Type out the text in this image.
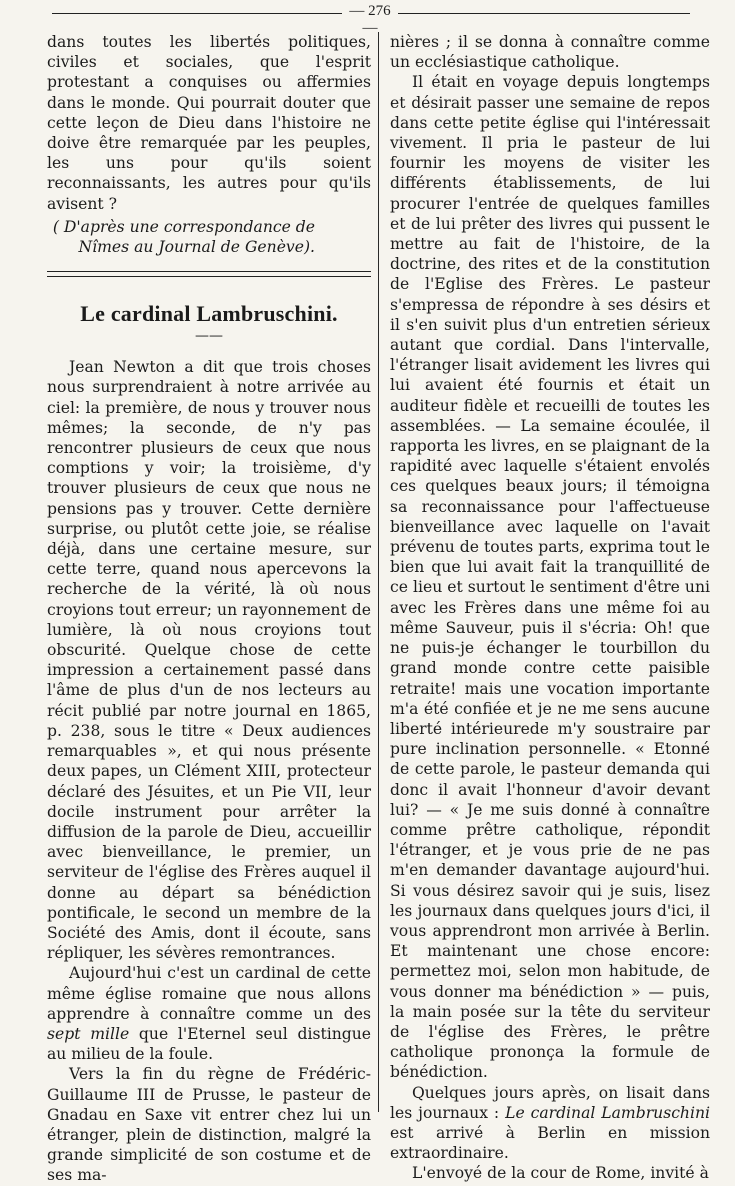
— 276 —

dans toutes les libertés politiques, civiles et sociales, que l'esprit protestant a conquises ou affermies dans le monde. Qui pourrait douter que cette leçon de Dieu dans l'histoire ne doive être remarquée par les peuples, les uns pour qu'ils soient reconnaissants, les autres pour qu'ils avisent ?

( D'après une correspondance de Nîmes au Journal de Genève).

Le cardinal Lambruschini.
——

Jean Newton a dit que trois choses nous surprendraient à notre arrivée au ciel: la première, de nous y trouver nous mêmes; la seconde, de n'y pas rencontrer plusieurs de ceux que nous comptions y voir; la troisième, d'y trouver plusieurs de ceux que nous ne pensions pas y trouver. Cette dernière surprise, ou plutôt cette joie, se réalise déjà, dans une certaine mesure, sur cette terre, quand nous apercevons la recherche de la vérité, là où nous croyions tout erreur; un rayonnement de lumière, là où nous croyions tout obscurité. Quelque chose de cette impression a certainement passé dans l'âme de plus d'un de nos lecteurs au récit publié par notre journal en 1865, p. 238, sous le titre « Deux audiences remarquables », et qui nous présente deux papes, un Clément XIII, protecteur déclaré des Jésuites, et un Pie VII, leur docile instrument pour arrêter la diffusion de la parole de Dieu, accueillir avec bienveillance, le premier, un serviteur de l'église des Frères auquel il donne au départ sa bénédiction pontificale, le second un membre de la Société des Amis, dont il écoute, sans répliquer, les sévères remontrances.

Aujourd'hui c'est un cardinal de cette même église romaine que nous allons apprendre à connaître comme un des sept mille que l'Eternel seul distingue au milieu de la foule.

Vers la fin du règne de Frédéric-Guillaume III de Prusse, le pasteur de Gnadau en Saxe vit entrer chez lui un étranger, plein de distinction, malgré la grande simplicité de son costume et de ses ma-

nières ; il se donna à connaître comme un ecclésiastique catholique.

Il était en voyage depuis longtemps et désirait passer une semaine de repos dans cette petite église qui l'intéressait vivement. Il pria le pasteur de lui fournir les moyens de visiter les différents établissements, de lui procurer l'entrée de quelques familles et de lui prêter des livres qui pussent le mettre au fait de l'histoire, de la doctrine, des rites et de la constitution de l'Eglise des Frères. Le pasteur s'empressa de répondre à ses désirs et il s'en suivit plus d'un entretien sérieux autant que cordial. Dans l'intervalle, l'étranger lisait avidement les livres qui lui avaient été fournis et était un auditeur fidèle et recueilli de toutes les assemblées. — La semaine écoulée, il rapporta les livres, en se plaignant de la rapidité avec laquelle s'étaient envolés ces quelques beaux jours; il témoigna sa reconnaissance pour l'affectueuse bienveillance avec laquelle on l'avait prévenu de toutes parts, exprima tout le bien que lui avait fait la tranquillité de ce lieu et surtout le sentiment d'être uni avec les Frères dans une même foi au même Sauveur, puis il s'écria: Oh! que ne puis-je échanger le tourbillon du grand monde contre cette paisible retraite! mais une vocation importante m'a été confiée et je ne me sens aucune liberté intérieurede m'y soustraire par pure inclination personnelle. « Etonné de cette parole, le pasteur demanda qui donc il avait l'honneur d'avoir devant lui? — « Je me suis donné à connaître comme prêtre catholique, répondit l'étranger, et je vous prie de ne pas m'en demander davantage aujourd'hui. Si vous désirez savoir qui je suis, lisez les journaux dans quelques jours d'ici, il vous apprendront mon arrivée à Berlin. Et maintenant une chose encore: permettez moi, selon mon habitude, de vous donner ma bénédiction » — puis, la main posée sur la tête du serviteur de l'église des Frères, le prêtre catholique prononça la formule de bénédiction.

Quelques jours après, on lisait dans les journaux : Le cardinal Lambruschini est arrivé à Berlin en mission extraordinaire.

L'envoyé de la cour de Rome, invité à
